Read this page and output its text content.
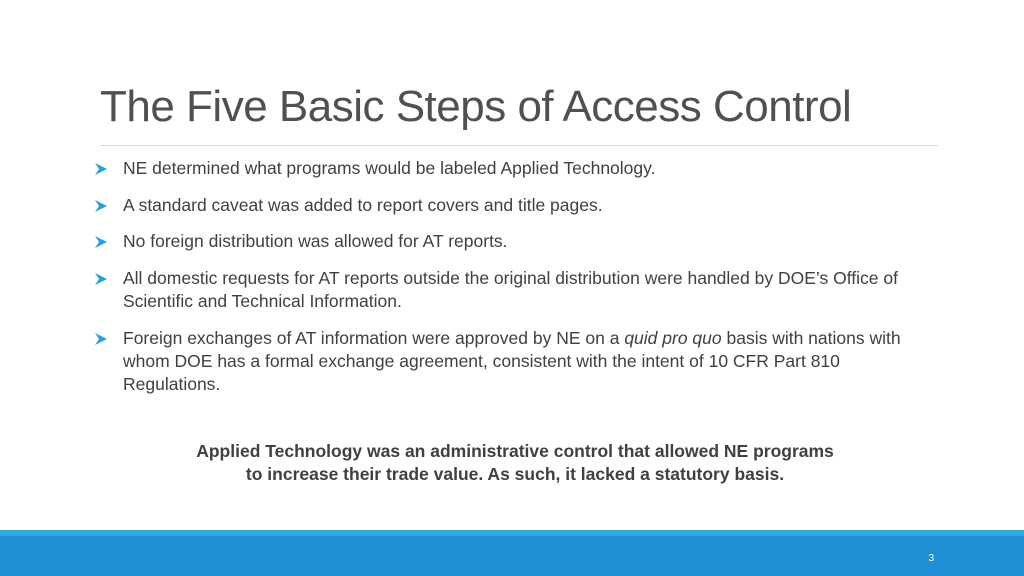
The Five Basic Steps of Access Control
NE determined what programs would be labeled Applied Technology.
A standard caveat was added to report covers and title pages.
No foreign distribution was allowed for AT reports.
All domestic requests for AT reports outside the original distribution were handled by DOE’s Office of Scientific and Technical Information.
Foreign exchanges of AT information were approved by NE on a quid pro quo basis with nations with whom DOE has a formal exchange agreement, consistent with the intent of 10 CFR Part 810 Regulations.
Applied Technology was an administrative control that allowed NE programs
to increase their trade value. As such, it lacked a statutory basis.
3
